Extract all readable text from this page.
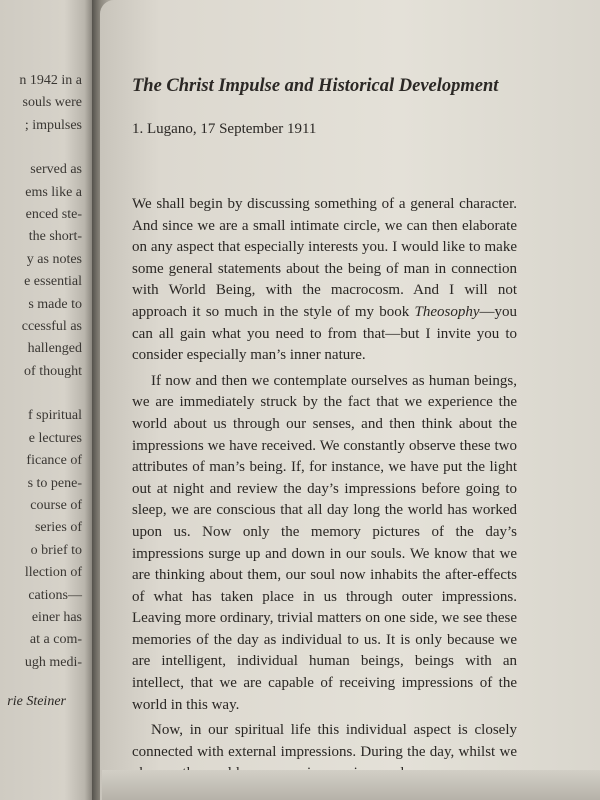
n 1942 in a
souls were
; impulses
served as
ems like a
enced ste-
the short-
y as notes
e essential
s made to
ccessful as
hallenged
of thought
f spiritual
e lectures
ficance of
s to pene-
course of
series of
o brief to
llection of
cations—
einer has
at a com-
ugh medi-
rie Steiner
The Christ Impulse and Historical Development
1. Lugano, 17 September 1911

We shall begin by discussing something of a general character. And since we are a small intimate circle, we can then elaborate on any aspect that especially interests you. I would like to make some general statements about the being of man in connection with World Being, with the macrocosm. And I will not approach it so much in the style of my book Theosophy—you can all gain what you need to from that—but I invite you to consider especially man’s inner nature.

If now and then we contemplate ourselves as human beings, we are immediately struck by the fact that we experience the world about us through our senses, and then think about the impressions we have received. We constantly observe these two attributes of man’s being. If, for instance, we have put the light out at night and review the day’s impressions before going to sleep, we are conscious that all day long the world has worked upon us. Now only the memory pictures of the day’s impressions surge up and down in our souls. We know that we are thinking about them, our soul now inhabits the after-effects of what has taken place in us through outer impressions. Leaving more ordinary, trivial matters on one side, we see these memories of the day as individual to us. It is only because we are intelligent, individual human beings, beings with an intellect, that we are capable of receiving impressions of the world in this way.

Now, in our spiritual life this individual aspect is closely connected with external impressions. During the day, whilst we
